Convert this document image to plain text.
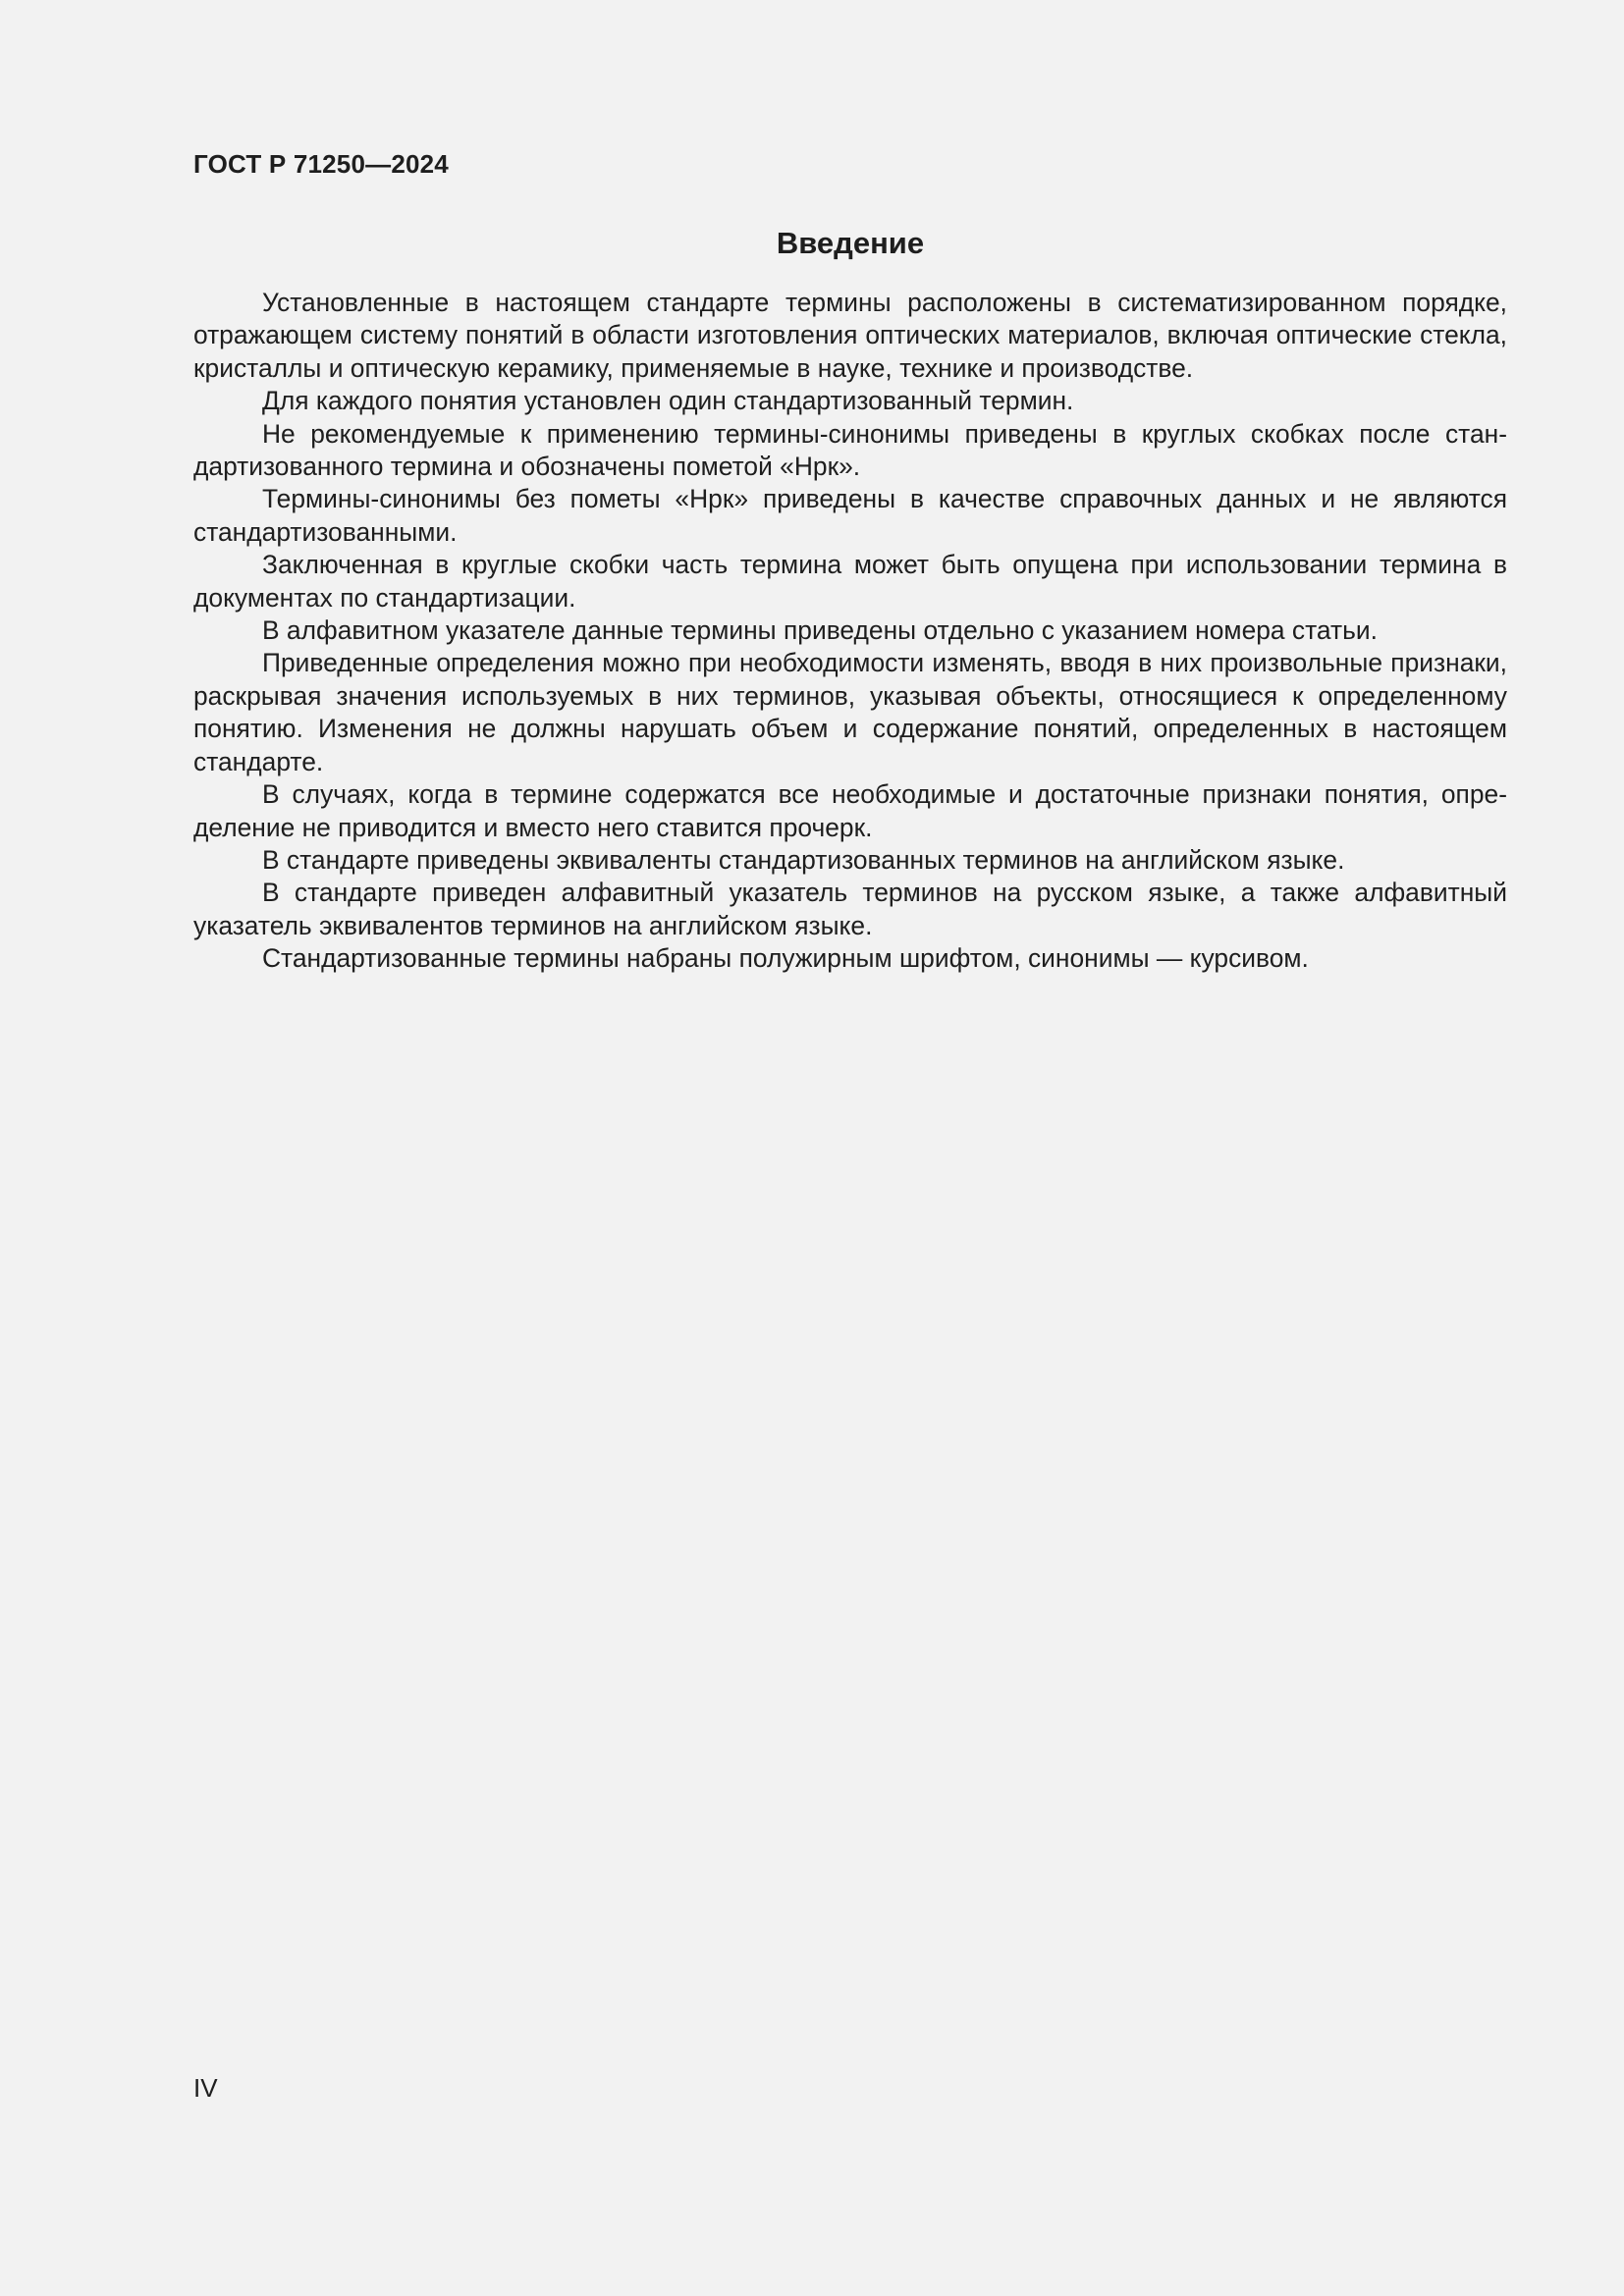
ГОСТ Р 71250—2024

Введение

Установленные в настоящем стандарте термины расположены в систематизированном порядке, отражающем систему понятий в области изготовления оптических материалов, включая оптические стекла, кристаллы и оптическую керамику, применяемые в науке, технике и производстве.

Для каждого понятия установлен один стандартизованный термин.

Не рекомендуемые к применению термины-синонимы приведены в круглых скобках после стандартизованного термина и обозначены пометой «Нрк».

Термины-синонимы без пометы «Нрк» приведены в качестве справочных данных и не являются стандартизованными.

Заключенная в круглые скобки часть термина может быть опущена при использовании термина в документах по стандартизации.

В алфавитном указателе данные термины приведены отдельно с указанием номера статьи.

Приведенные определения можно при необходимости изменять, вводя в них произвольные признаки, раскрывая значения используемых в них терминов, указывая объекты, относящиеся к определенному понятию. Изменения не должны нарушать объем и содержание понятий, определенных в настоящем стандарте.

В случаях, когда в термине содержатся все необходимые и достаточные признаки понятия, определение не приводится и вместо него ставится прочерк.

В стандарте приведены эквиваленты стандартизованных терминов на английском языке.

В стандарте приведен алфавитный указатель терминов на русском языке, а также алфавитный указатель эквивалентов терминов на английском языке.

Стандартизованные термины набраны полужирным шрифтом, синонимы — курсивом.

IV
